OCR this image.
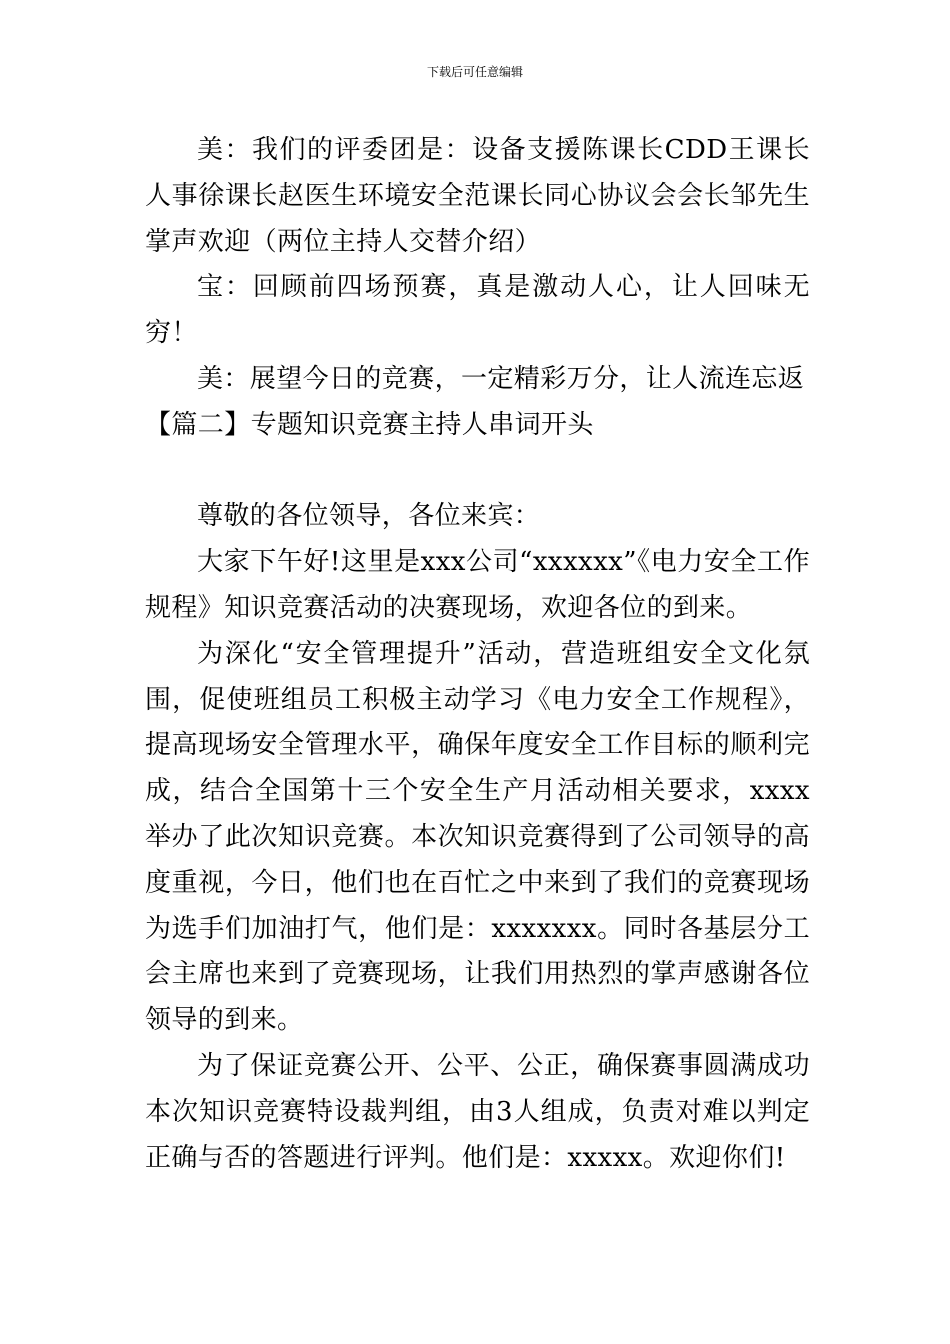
下载后可任意编辑

美：我们的评委团是：设备支援陈课长CDD王课长人事徐课长赵医生环境安全范课长同心协议会会长邹先生掌声欢迎（两位主持人交替介绍）

宝：回顾前四场预赛，真是激动人心，让人回味无穷！

美：展望今日的竞赛，一定精彩万分，让人流连忘返

【篇二】专题知识竞赛主持人串词开头

尊敬的各位领导，各位来宾：

大家下午好!这里是xxx公司“xxxxxx”《电力安全工作规程》知识竞赛活动的决赛现场，欢迎各位的到来。

为深化“安全管理提升”活动，营造班组安全文化氛围，促使班组员工积极主动学习《电力安全工作规程》，提高现场安全管理水平，确保年度安全工作目标的顺利完成，结合全国第十三个安全生产月活动相关要求，xxxx举办了此次知识竞赛。本次知识竞赛得到了公司领导的高度重视，今日，他们也在百忙之中来到了我们的竞赛现场为选手们加油打气，他们是：xxxxxxx。同时各基层分工会主席也来到了竞赛现场，让我们用热烈的掌声感谢各位领导的到来。

为了保证竞赛公开、公平、公正，确保赛事圆满成功本次知识竞赛特设裁判组，由3人组成，负责对难以判定正确与否的答题进行评判。他们是：xxxxx。欢迎你们!
